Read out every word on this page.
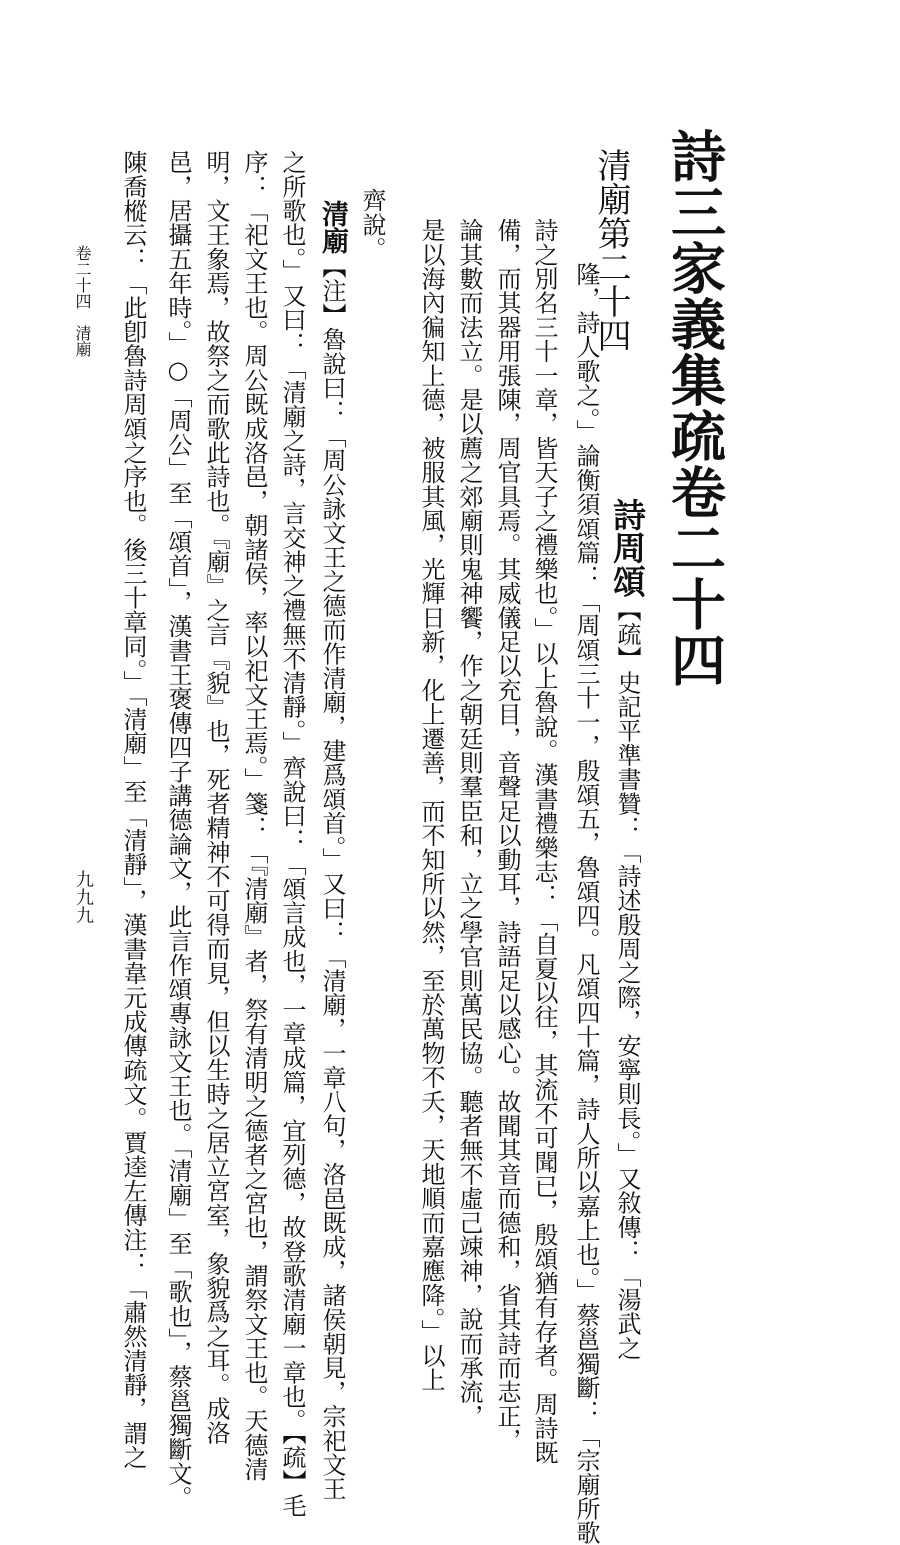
詩三家義集疏卷二十四
詩周頌【疏】史記平準書贊：「詩述殷周之際，安寧則長。」又敘傳：「湯武之
清廟第二十四
隆，詩人歌之。」論衡須頌篇：「周頌三十一，殷頌五，魯頌四。凡頌四十篇，詩人所以嘉上也。」蔡邕獨斷：「宗廟所歌
詩之別名三十一章，皆天子之禮樂也。」以上魯說。漢書禮樂志：「自夏以往，其流不可聞已，殷頌猶有存者。周詩既
備，而其器用張陳，周官具焉。其威儀足以充目，音聲足以動耳，詩語足以感心。故聞其音而德和，省其詩而志正，
論其數而法立。是以薦之郊廟則鬼神饗，作之朝廷則羣臣和，立之學官則萬民協。聽者無不虛己竦神，說而承流，
是以海內徧知上德，被服其風，光輝日新，化上遷善，而不知所以然，至於萬物不夭，天地順而嘉應降。」以上
齊說。
清廟【注】魯說曰：「周公詠文王之德而作清廟，建爲頌首。」又曰：「清廟，一章八句，洛邑既成，諸侯朝見，宗祀文王
之所歌也。」又曰：「清廟之詩，言交神之禮無不清靜。」齊說曰：「頌言成也，一章成篇，宜列德，故登歌清廟一章也。【疏】毛
序：「祀文王也。周公既成洛邑，朝諸侯，率以祀文王焉。」箋：「『清廟』者，祭有清明之德者之宮也，謂祭文王也。天德清
明，文王象焉，故祭之而歌此詩也。『廟』之言『貌』也，死者精神不可得而見，但以生時之居立宮室，象貌爲之耳。成洛
邑，居攝五年時。」○「周公」至「頌首」，漢書王褒傳四子講德論文，此言作頌專詠文王也。「清廟」至「歌也」，蔡邕獨斷文。
陳喬樅云：「此卽魯詩周頌之序也。後三十章同。」「清廟」至「清靜」，漢書韋元成傳疏文。賈逵左傳注：「肅然清靜，謂之
卷二十四　清廟
九九九
